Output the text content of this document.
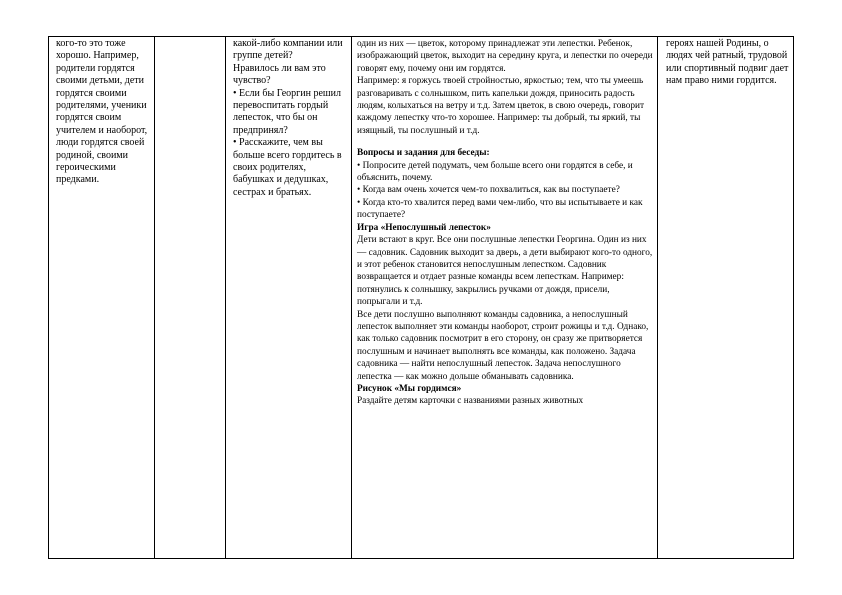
кого-то это тоже хорошо. Например, родители гордятся своими детьми, дети гордятся своими родителями, ученики гордятся своим учителем и наоборот, люди гордятся своей родиной, своими героическими предками.

какой-либо компании или группе детей?

Нравилось ли вам это чувство?

• Если бы Георгин решил перевоспитать гордый лепесток, что бы он предпринял?

• Расскажите, чем вы больше всего гордитесь в своих родителях, бабушках и дедушках, сестрах и братьях.

один из них — цветок, которому принадлежат эти лепестки. Ребенок, изображающий цветок, выходит на середину круга, и лепестки по очереди говорят ему, почему они им гордятся.

Например: я горжусь твоей стройностью, яркостью; тем, что ты умеешь разговаривать с солнышком, пить капельки дождя, приносить радость людям, колыхаться на ветру и т.д. Затем цветок, в свою очередь, говорит каждому лепестку что-то хорошее. Например: ты добрый, ты яркий, ты изящный, ты послушный и т.д.

Вопросы и задания для беседы:

• Попросите детей подумать, чем больше всего они гордятся в себе, и объяснить, почему.

• Когда вам очень хочется чем-то похвалиться, как вы поступаете?

• Когда кто-то хвалится перед вами чем-либо, что вы испытываете и как поступаете?

Игра «Непослушный лепесток»

Дети встают в круг. Все они послушные лепестки Георгина. Один из них — садовник. Садовник выходит за дверь, а дети выбирают кого-то одного, и этот ребенок становится непослушным лепестком. Садовник возвращается и отдает разные команды всем лепесткам. Например: потянулись к солнышку, закрылись ручками от дождя, присели, попрыгали и т.д.

Все дети послушно выполняют команды садовника, а непослушный лепесток выполняет эти команды наоборот, строит рожицы и т.д. Однако, как только садовник посмотрит в его сторону, он сразу же притворяется послушным и начинает выполнять все команды, как положено. Задача садовника — найти непослушный лепесток. Задача непослушного лепестка — как можно дольше обманывать садовника.

Рисунок «Мы гордимся»

Раздайте детям карточки с названиями разных животных

героях нашей Родины, о людях чей ратный, трудовой или спортивный подвиг дает нам право ними гордится.
